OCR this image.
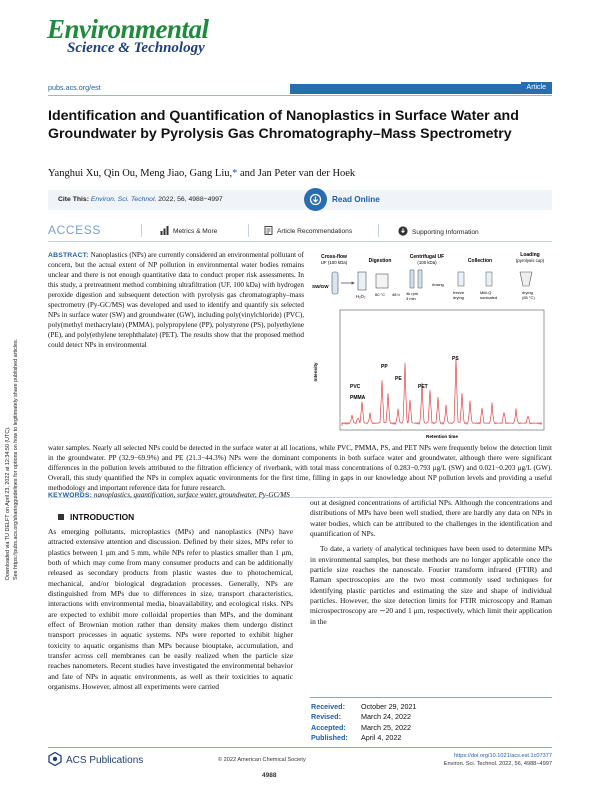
Downloaded via TU DELFT on April 23, 2022 at 12:34:50 (UTC). See https://pubs.acs.org/sharingguidelines for options on how to legitimately share published articles.
Environmental
Science & Technology
pubs.acs.org/est	Article
Identification and Quantification of Nanoplastics in Surface Water and Groundwater by Pyrolysis Gas Chromatography–Mass Spectrometry
Yanghui Xu, Qin Ou, Meng Jiao, Gang Liu,* and Jan Peter van der Hoek
Cite This: Environ. Sci. Technol. 2022, 56, 4988−4997	Read Online
ACCESS	Metrics & More	Article Recommendations	Supporting Information

ABSTRACT: Nanoplastics (NPs) are currently considered an environmental pollutant of concern, but the actual extent of NP pollution in environmental water bodies remains unclear and there is not enough quantitative data to conduct proper risk assessments. In this study, a pretreatment method combining ultrafiltration (UF, 100 kDa) with hydrogen peroxide digestion and subsequent detection with pyrolysis gas chromatography–mass spectrometry (Py-GC/MS) was developed and used to identify and quantify six selected NPs in surface water (SW) and groundwater (GW), including poly(vinylchloride) (PVC), poly(methyl methacrylate) (PMMA), polypropylene (PP), polystyrene (PS), polyethylene (PE), and poly(ethylene terephthalate) (PET). The results show that the proposed method could detect NPs in environmental

water samples. Nearly all selected NPs could be detected in the surface water at all locations, while PVC, PMMA, PS, and PET NPs were frequently below the detection limit in the groundwater. PP (32.9−69.9%) and PE (21.3−44.3%) NPs were the dominant components in both surface water and groundwater, although there were significant differences in the pollution levels attributed to the filtration efficiency of riverbank, with total mass concentrations of 0.283−0.793 μg/L (SW) and 0.021−0.203 μg/L (GW). Overall, this study quantified the NPs in complex aquatic environments for the first time, filling in gaps in our knowledge about NP pollution levels and providing a useful methodology and important reference data for future research.

Cross-flow
UF (100 kDa)	Digestion
Centrifugal UF
(100 kDa)	Collection
Loading
(pyrolysis cup)
SW/GW
H₂O₂ 60 °C 48 h 4k rpm
3 min
rinsing
freeze
drying
Milli-Q
sonicated
drying
(65 °C)
Intensity
Retention time
PVC
PMMA
PP
PE
PET
PS
KEYWORDS: nanoplastics, quantification, surface water, groundwater, Py-GC/MS
INTRODUCTION

As emerging pollutants, microplastics (MPs) and nanoplastics (NPs) have attracted extensive attention and discussion. Defined by their sizes, MPs refer to plastics between 1 μm and 5 mm, while NPs refer to plastics smaller than 1 μm, both of which may come from many consumer products and can be additionally released as secondary products from plastic wastes due to photochemical, mechanical, and/or biological degradation processes. Generally, NPs are distinguished from MPs due to differences in size, transport characteristics, interactions with environmental media, bioavailability, and ecological risks. NPs are expected to exhibit more colloidal properties than MPs, and the dominant effect of Brownian motion rather than density makes them undergo distinct transport processes in aquatic systems. NPs were reported to exhibit higher toxicity to aquatic organisms than MPs because biouptake, accumulation, and transfer across cell membranes can be easily realized when the particle size reaches nanometers. Recent studies have investigated the environmental behavior and fate of NPs in aquatic environments, as well as their toxicities to aquatic organisms. However, almost all experiments were carried

out at designed concentrations of artificial NPs. Although the concentrations and distributions of MPs have been well studied, there are hardly any data on NPs in water bodies, which can be attributed to the challenges in the identification and quantification of NPs.

To date, a variety of analytical techniques have been used to determine MPs in environmental samples, but these methods are no longer applicable once the particle size reaches the nanoscale. Fourier transform infrared (FTIR) and Raman spectroscopies are the two most commonly used techniques for identifying plastic particles and estimating the size and shape of individual particles. However, the size detection limits for FTIR microscopy and Raman microspectroscopy are ∼20 and 1 μm, respectively, which limit their application in the

Received:	October 29, 2021
Revised:	March 24, 2022
Accepted:	March 25, 2022
Published:	April 4, 2022
ACS Publications	© 2022 American Chemical Society
4988
https://doi.org/10.1021/acs.est.1c07377
Environ. Sci. Technol. 2022, 56, 4988−4997
